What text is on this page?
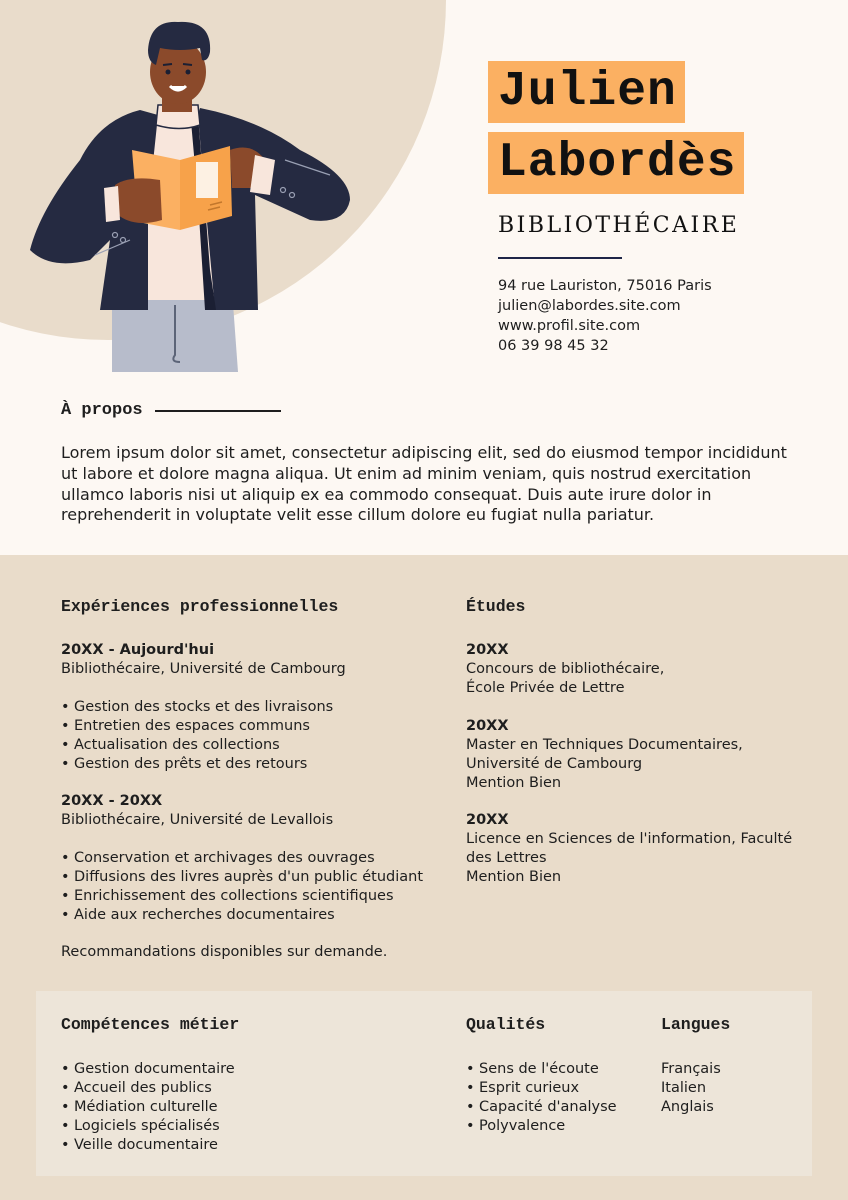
Julien
Labordès
BIBLIOTHÉCAIRE
94 rue Lauriston, 75016 Paris
julien@labordes.site.com
www.profil.site.com
06 39 98 45 32
À propos

Lorem ipsum dolor sit amet, consectetur adipiscing elit, sed do eiusmod tempor incididunt ut labore et dolore magna aliqua. Ut enim ad minim veniam, quis nostrud exercitation ullamco laboris nisi ut aliquip ex ea commodo consequat. Duis aute irure dolor in reprehenderit in voluptate velit esse cillum dolore eu fugiat nulla pariatur.

Expériences professionnelles
20XX - Aujourd'hui
Bibliothécaire, Université de Cambourg
• Gestion des stocks et des livraisons
• Entretien des espaces communs
• Actualisation des collections
• Gestion des prêts et des retours
20XX - 20XX
Bibliothécaire, Université de Levallois
• Conservation et archivages des ouvrages
• Diffusions des livres auprès d'un public étudiant
• Enrichissement des collections scientifiques
• Aide aux recherches documentaires
Recommandations disponibles sur demande.
Études
20XX
Concours de bibliothécaire,
École Privée de Lettre
20XX
Master en Techniques Documentaires,
Université de Cambourg
Mention Bien
20XX
Licence en Sciences de l'information, Faculté
des Lettres
Mention Bien
Compétences métier
• Gestion documentaire
• Accueil des publics
• Médiation culturelle
• Logiciels spécialisés
• Veille documentaire
Qualités
• Sens de l'écoute
• Esprit curieux
• Capacité d'analyse
• Polyvalence
Langues
Français
Italien
Anglais
